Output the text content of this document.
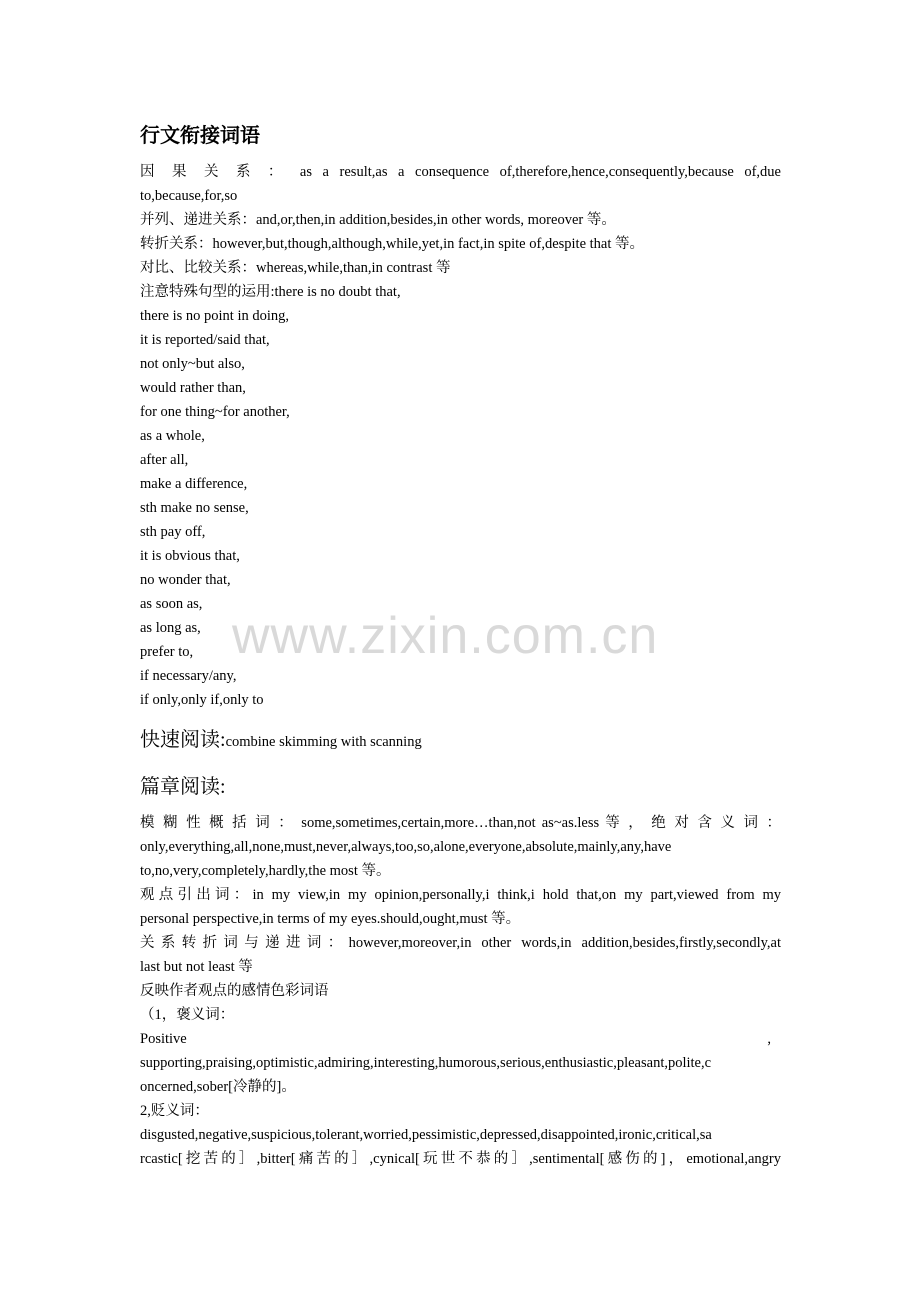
www.zixin.com.cn
行文衔接词语
因 果 关 系 ： as a result,as a consequence of,therefore,hence,consequently,because of,due
to,because,for,so
并列、递进关系：and,or,then,in addition,besides,in other words, moreover 等。
转折关系：however,but,though,although,while,yet,in fact,in spite of,despite that 等。
对比、比较关系：whereas,while,than,in contrast 等
注意特殊句型的运用:there is no doubt that,
there is no point in doing,
it is reported/said that,
not only~but also,
would rather than,
for one thing~for another,
as a whole,
after all,
make a difference,
sth make no sense,
sth pay off,
it is obvious that,
no wonder that,
as soon as,
as long as,
prefer to,
if necessary/any,
if only,only if,only to
快速阅读:combine skimming with scanning
篇章阅读:
模 糊 性 概 括 词 ： some,sometimes,certain,more…than,not as~as.less 等 ， 绝 对 含 义 词 ：
only,everything,all,none,must,never,always,too,so,alone,everyone,absolute,mainly,any,have
to,no,very,completely,hardly,the most 等。
观点引出词：in my view,in my opinion,personally,i think,i hold that,on my part,viewed from my
personal perspective,in terms of my eyes.should,ought,must 等。
关系转折词与递进词：however,moreover,in other words,in addition,besides,firstly,secondly,at
last but not least 等
反映作者观点的感情色彩词语
（1，褒义词：
Positive	,
supporting,praising,optimistic,admiring,interesting,humorous,serious,enthusiastic,pleasant,polite,c
oncerned,sober[冷静的]。
2,贬义词：
disgusted,negative,suspicious,tolerant,worried,pessimistic,depressed,disappointed,ironic,critical,sa
rcastic[挖苦的］,bitter[痛苦的］,cynical[玩世不恭的］,sentimental[感伤的]，emotional,angry
